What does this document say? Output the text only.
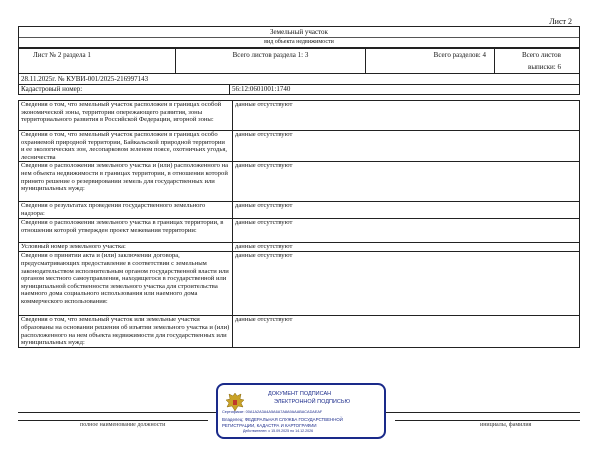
Лист 2
Земельный участок
вид объекта недвижимости
Лист № 2 раздела 1	Всего листов раздела 1: 3	Всего разделов: 4	Всего листов выписки: 6
28.11.2025г. № КУВИ-001/2025-216997143
Кадастровый номер:	56:12:0601001:1740
Сведения о том, что земельный участок расположен в границах особой экономической зоны, территории опережающего развития, зоны территориального развития в Российской Федерации, игорной зоны:	данные отсутствуют
Сведения о том, что земельный участок расположен в границах особо охраняемой природной территории, Байкальской природной территории и ее экологических зон, лесопарковом зеленом поясе, охотничьих угодья, лесничества	данные отсутствуют
Сведения о расположении земельного участка и (или) расположенного на нем объекта недвижимости в границах территории, в отношении которой принято решение о резервировании земель для государственных или муниципальных нужд:	данные отсутствуют
Сведения о результатах проведения государственного земельного надзора:	данные отсутствуют
Сведения о расположении земельного участка в границах территории, в отношении которой утвержден проект межевания территории:	данные отсутствуют
Условный номер земельного участка:	данные отсутствуют
Сведения о принятии акта и (или) заключении договора, предусматривающих предоставление в соответствии с земельным законодательством исполнительным органом государственной власти или органом местного самоуправления, находящегося в государственной или муниципальной собственности земельного участка для строительства наемного дома социального использования или наемного дома коммерческого использования:	данные отсутствуют
Сведения о том, что земельный участок или земельные участки образованы на основании решения об изъятии земельного участка и (или) расположенного на нем объекта недвижимости для государственных или муниципальных нужд:	данные отсутствуют
полное наименование должности	инициалы, фамилия
ДОКУМЕНТ ПОДПИСАН
ЭЛЕКТРОННОЙ ПОДПИСЬЮ
Сертификат: 00A1A2A3A4A5A6A7A8A9AAABACADAEAF
Владелец: ФЕДЕРАЛЬНАЯ СЛУЖБА ГОСУДАРСТВЕННОЙ
РЕГИСТРАЦИИ, КАДАСТРА И КАРТОГРАФИИ
Действителен: с 15.09.2025 по 14.12.2026
